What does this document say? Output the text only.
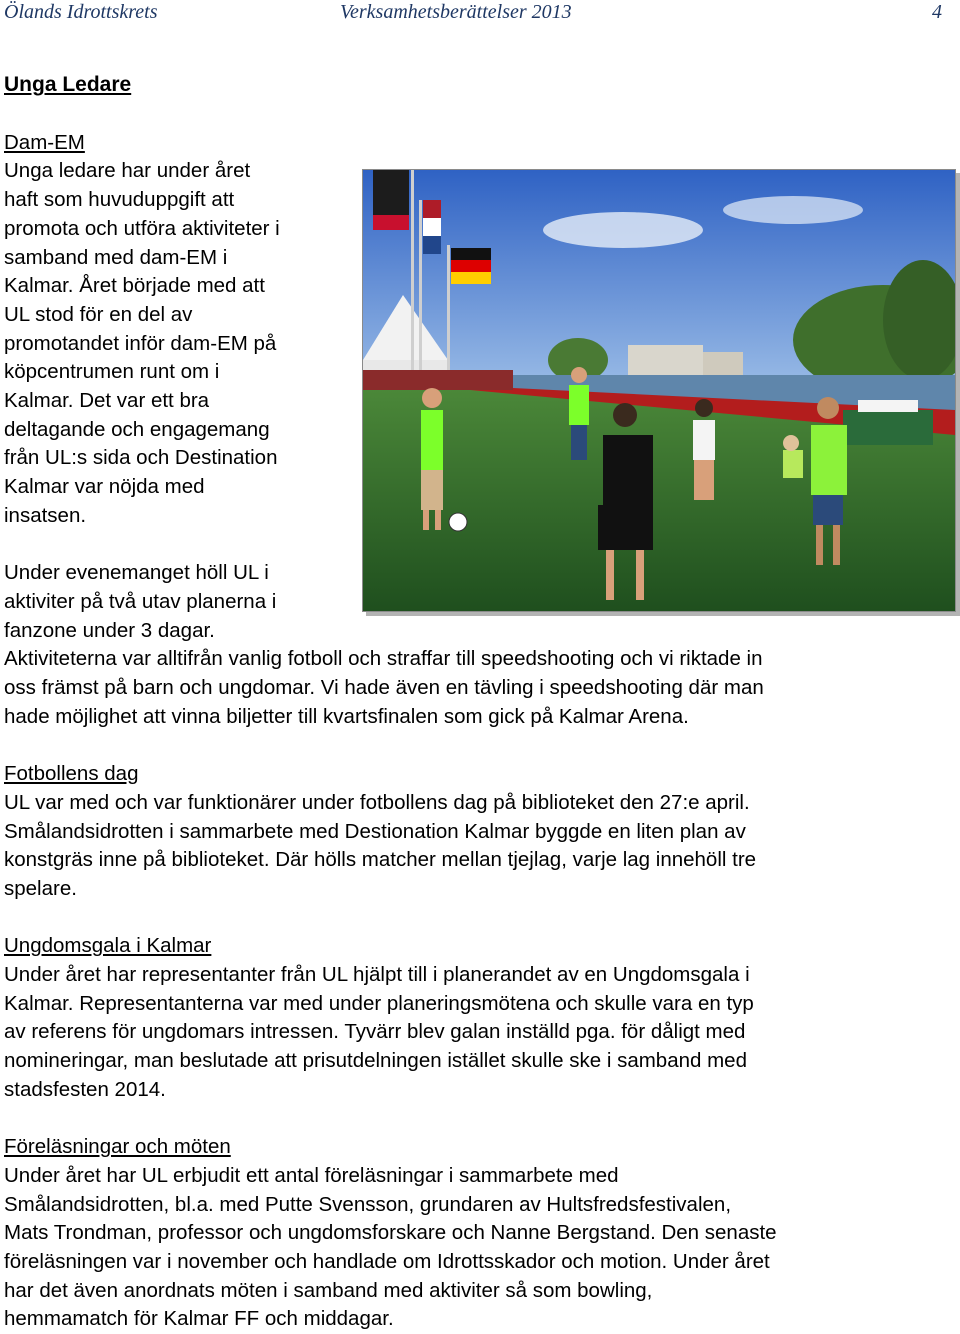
Ölands Idrottskrets	Verksamhetsberättelser 2013	4

Unga Ledare

Dam-EM

Unga ledare har under året

haft som huvuduppgift att

promota och utföra aktiviteter i

samband med dam-EM i

Kalmar. Året började med att

UL stod för en del av

promotandet inför dam-EM på

köpcentrumen runt om i

Kalmar. Det var ett bra

deltagande och engagemang

från UL:s sida och Destination

Kalmar var nöjda med

insatsen.

Under evenemanget höll UL i

aktiviter på två utav planerna i

fanzone under 3 dagar.

Aktiviteterna var alltifrån vanlig fotboll och straffar till speedshooting och vi riktade in

oss främst på barn och ungdomar. Vi hade även en tävling i speedshooting där man

hade möjlighet att vinna biljetter till kvartsfinalen som gick på Kalmar Arena.

Fotbollens dag

UL var med och var funktionärer under fotbollens dag på biblioteket den 27:e april.

Smålandsidrotten i sammarbete med Destionation Kalmar byggde en liten plan av

konstgräs inne på biblioteket. Där hölls matcher mellan tjejlag, varje lag innehöll tre

spelare.

Ungdomsgala i Kalmar

Under året har representanter från UL hjälpt till i planerandet av en Ungdomsgala i

Kalmar. Representanterna var med under planeringsmötena och skulle vara en typ

av referens för ungdomars intressen. Tyvärr blev galan inställd pga. för dåligt med

nomineringar, man beslutade att prisutdelningen istället skulle ske i samband med

stadsfesten 2014.

Föreläsningar och möten

Under året har UL erbjudit ett antal föreläsningar i sammarbete med

Smålandsidrotten, bl.a. med Putte Svensson, grundaren av Hultsfredsfestivalen,

Mats Trondman, professor och ungdomsforskare och Nanne Bergstand. Den senaste

föreläsningen var i november och handlade om Idrottsskador och motion. Under året

har det även anordnats möten i samband med aktiviter så som bowling,

hemmamatch för Kalmar FF och middagar.
